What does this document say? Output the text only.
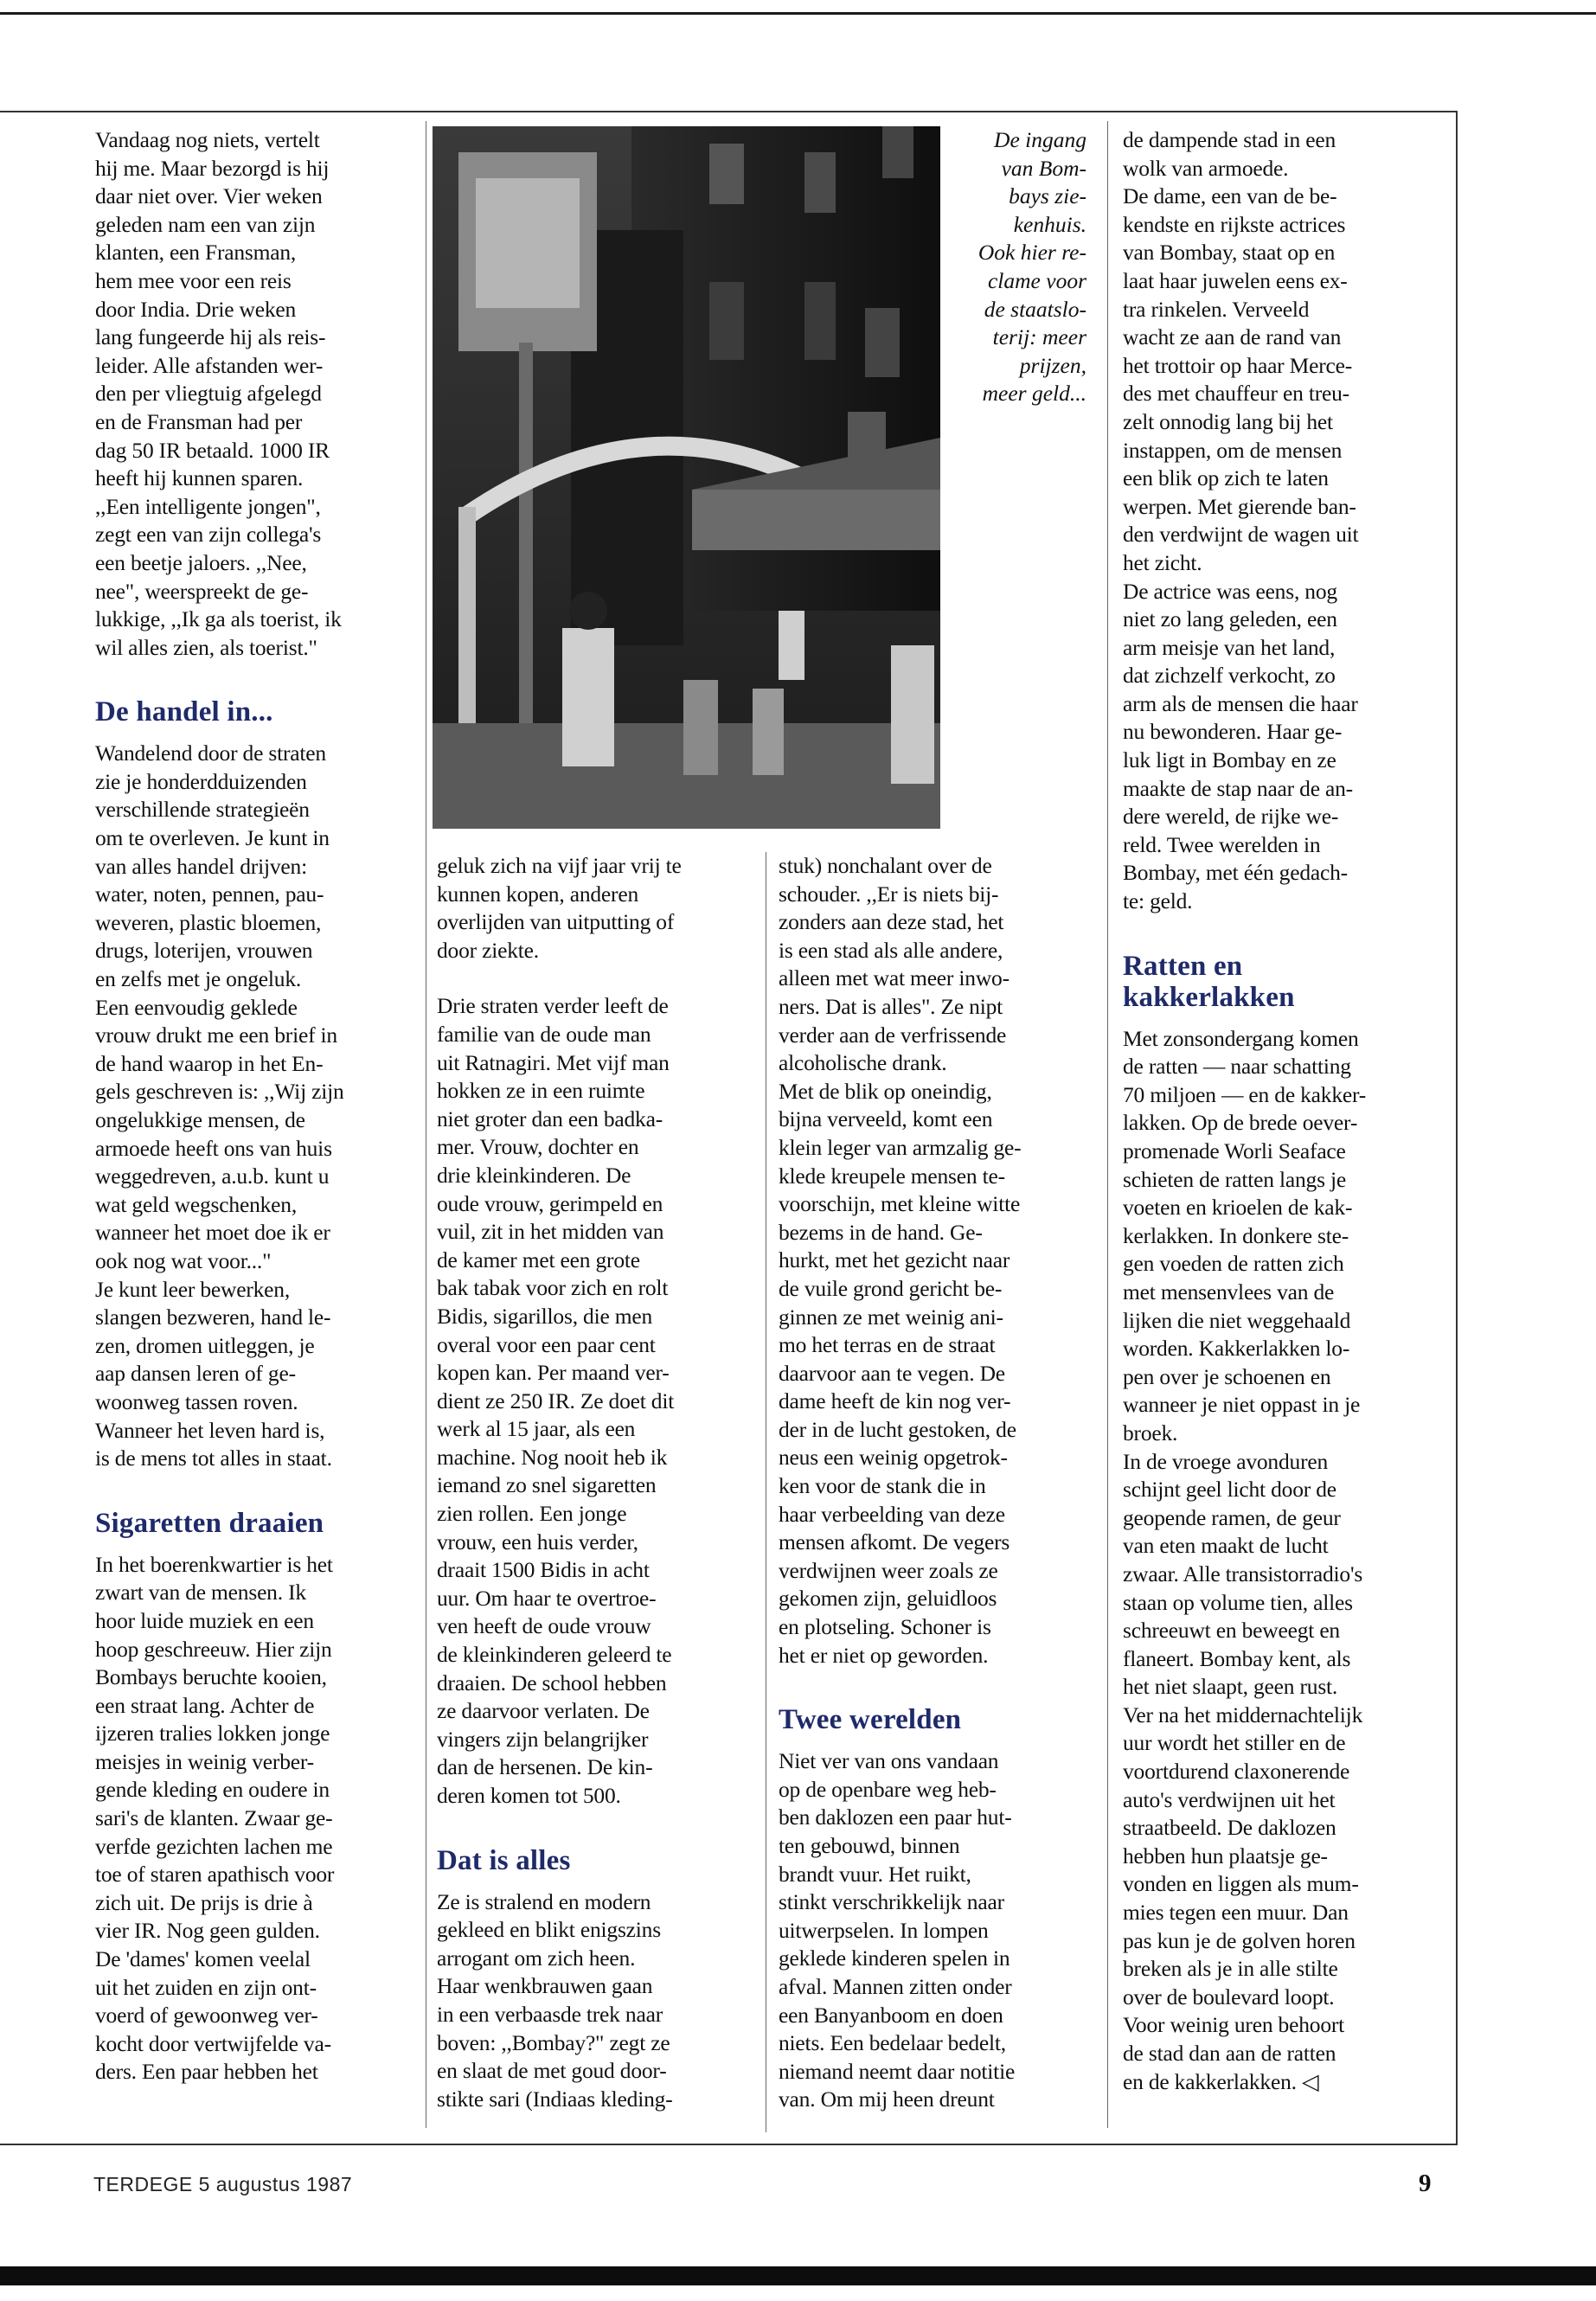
Vandaag nog niets, vertelt
hij me. Maar bezorgd is hij
daar niet over. Vier weken
geleden nam een van zijn
klanten, een Fransman,
hem mee voor een reis
door India. Drie weken
lang fungeerde hij als reis-
leider. Alle afstanden wer-
den per vliegtuig afgelegd
en de Fransman had per
dag 50 IR betaald. 1000 IR
heeft hij kunnen sparen.
,,Een intelligente jongen",
zegt een van zijn collega's
een beetje jaloers. ,,Nee,
nee", weerspreekt de ge-
lukkige, ,,Ik ga als toerist, ik
wil alles zien, als toerist."

De handel in...

Wandelend door de straten
zie je honderdduizenden
verschillende strategieën
om te overleven. Je kunt in
van alles handel drijven:
water, noten, pennen, pau-
weveren, plastic bloemen,
drugs, loterijen, vrouwen
en zelfs met je ongeluk.
Een eenvoudig geklede
vrouw drukt me een brief in
de hand waarop in het En-
gels geschreven is: ,,Wij zijn
ongelukkige mensen, de
armoede heeft ons van huis
weggedreven, a.u.b. kunt u
wat geld wegschenken,
wanneer het moet doe ik er
ook nog wat voor..."
Je kunt leer bewerken,
slangen bezweren, hand le-
zen, dromen uitleggen, je
aap dansen leren of ge-
woonweg tassen roven.
Wanneer het leven hard is,
is de mens tot alles in staat.

Sigaretten draaien

In het boerenkwartier is het
zwart van de mensen. Ik
hoor luide muziek en een
hoop geschreeuw. Hier zijn
Bombays beruchte kooien,
een straat lang. Achter de
ijzeren tralies lokken jonge
meisjes in weinig verber-
gende kleding en oudere in
sari's de klanten. Zwaar ge-
verfde gezichten lachen me
toe of staren apathisch voor
zich uit. De prijs is drie à
vier IR. Nog geen gulden.
De 'dames' komen veelal
uit het zuiden en zijn ont-
voerd of gewoonweg ver-
kocht door vertwijfelde va-
ders. Een paar hebben het

De ingang
van Bom-
bays zie-
kenhuis.
Ook hier re-
clame voor
de staatslo-
terij: meer
prijzen,
meer geld...

geluk zich na vijf jaar vrij te
kunnen kopen, anderen
overlijden van uitputting of
door ziekte.

Drie straten verder leeft de
familie van de oude man
uit Ratnagiri. Met vijf man
hokken ze in een ruimte
niet groter dan een badka-
mer. Vrouw, dochter en
drie kleinkinderen. De
oude vrouw, gerimpeld en
vuil, zit in het midden van
de kamer met een grote
bak tabak voor zich en rolt
Bidis, sigarillos, die men
overal voor een paar cent
kopen kan. Per maand ver-
dient ze 250 IR. Ze doet dit
werk al 15 jaar, als een
machine. Nog nooit heb ik
iemand zo snel sigaretten
zien rollen. Een jonge
vrouw, een huis verder,
draait 1500 Bidis in acht
uur. Om haar te overtroe-
ven heeft de oude vrouw
de kleinkinderen geleerd te
draaien. De school hebben
ze daarvoor verlaten. De
vingers zijn belangrijker
dan de hersenen. De kin-
deren komen tot 500.

Dat is alles

Ze is stralend en modern
gekleed en blikt enigszins
arrogant om zich heen.
Haar wenkbrauwen gaan
in een verbaasde trek naar
boven: ,,Bombay?" zegt ze
en slaat de met goud door-
stikte sari (Indiaas kleding-

stuk) nonchalant over de
schouder. ,,Er is niets bij-
zonders aan deze stad, het
is een stad als alle andere,
alleen met wat meer inwo-
ners. Dat is alles". Ze nipt
verder aan de verfrissende
alcoholische drank.
Met de blik op oneindig,
bijna verveeld, komt een
klein leger van armzalig ge-
klede kreupele mensen te-
voorschijn, met kleine witte
bezems in de hand. Ge-
hurkt, met het gezicht naar
de vuile grond gericht be-
ginnen ze met weinig ani-
mo het terras en de straat
daarvoor aan te vegen. De
dame heeft de kin nog ver-
der in de lucht gestoken, de
neus een weinig opgetrok-
ken voor de stank die in
haar verbeelding van deze
mensen afkomt. De vegers
verdwijnen weer zoals ze
gekomen zijn, geluidloos
en plotseling. Schoner is
het er niet op geworden.

Twee werelden

Niet ver van ons vandaan
op de openbare weg heb-
ben daklozen een paar hut-
ten gebouwd, binnen
brandt vuur. Het ruikt,
stinkt verschrikkelijk naar
uitwerpselen. In lompen
geklede kinderen spelen in
afval. Mannen zitten onder
een Banyanboom en doen
niets. Een bedelaar bedelt,
niemand neemt daar notitie
van. Om mij heen dreunt

de dampende stad in een
wolk van armoede.
De dame, een van de be-
kendste en rijkste actrices
van Bombay, staat op en
laat haar juwelen eens ex-
tra rinkelen. Verveeld
wacht ze aan de rand van
het trottoir op haar Merce-
des met chauffeur en treu-
zelt onnodig lang bij het
instappen, om de mensen
een blik op zich te laten
werpen. Met gierende ban-
den verdwijnt de wagen uit
het zicht.
De actrice was eens, nog
niet zo lang geleden, een
arm meisje van het land,
dat zichzelf verkocht, zo
arm als de mensen die haar
nu bewonderen. Haar ge-
luk ligt in Bombay en ze
maakte de stap naar de an-
dere wereld, de rijke we-
reld. Twee werelden in
Bombay, met één gedach-
te: geld.

Ratten en
kakkerlakken

Met zonsondergang komen
de ratten — naar schatting
70 miljoen — en de kakker-
lakken. Op de brede oever-
promenade Worli Seaface
schieten de ratten langs je
voeten en krioelen de kak-
kerlakken. In donkere ste-
gen voeden de ratten zich
met mensenvlees van de
lijken die niet weggehaald
worden. Kakkerlakken lo-
pen over je schoenen en
wanneer je niet oppast in je
broek.
In de vroege avonduren
schijnt geel licht door de
geopende ramen, de geur
van eten maakt de lucht
zwaar. Alle transistorradio's
staan op volume tien, alles
schreeuwt en beweegt en
flaneert. Bombay kent, als
het niet slaapt, geen rust.
Ver na het middernachtelijk
uur wordt het stiller en de
voortdurend claxonerende
auto's verdwijnen uit het
straatbeeld. De daklozen
hebben hun plaatsje ge-
vonden en liggen als mum-
mies tegen een muur. Dan
pas kun je de golven horen
breken als je in alle stilte
over de boulevard loopt.
Voor weinig uren behoort
de stad dan aan de ratten
en de kakkerlakken. ◁

TERDEGE 5 augustus 1987	9
